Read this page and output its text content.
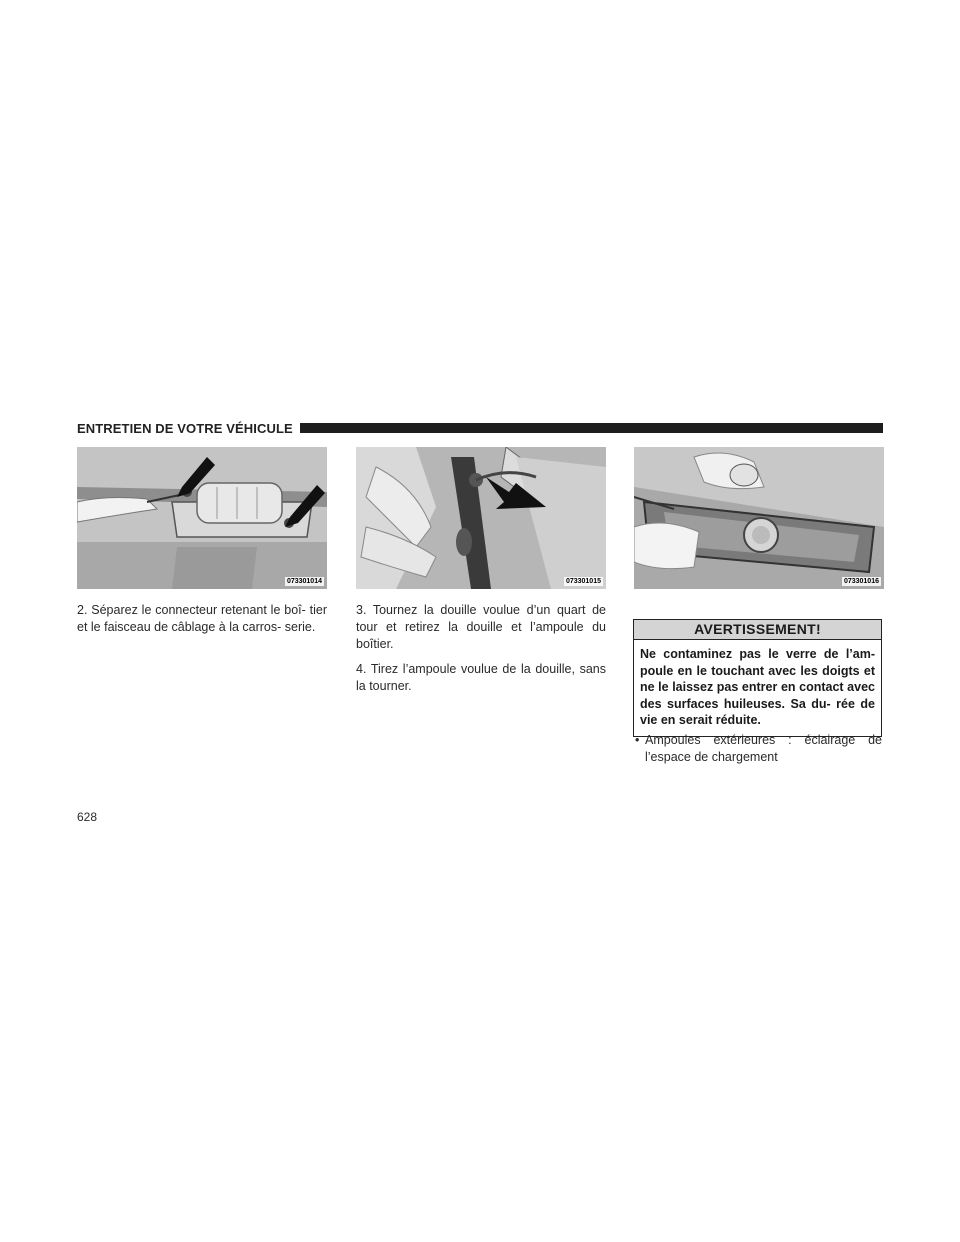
ENTRETIEN DE VOTRE VÉHICULE
073301014	073301015	073301016

2. Séparez le connecteur retenant le boî- tier et le faisceau de câblage à la carros- serie.

3. Tournez la douille voulue d’un quart de tour et retirez la douille et l’ampoule du boîtier.

4. Tirez l’ampoule voulue de la douille, sans la tourner.

AVERTISSEMENT!
Ne contaminez pas le verre de l’am- poule en le touchant avec les doigts et ne le laissez pas entrer en contact avec des surfaces huileuses. Sa du- rée de vie en serait réduite.
• Ampoules extérieures : éclairage de l’espace de chargement
628
